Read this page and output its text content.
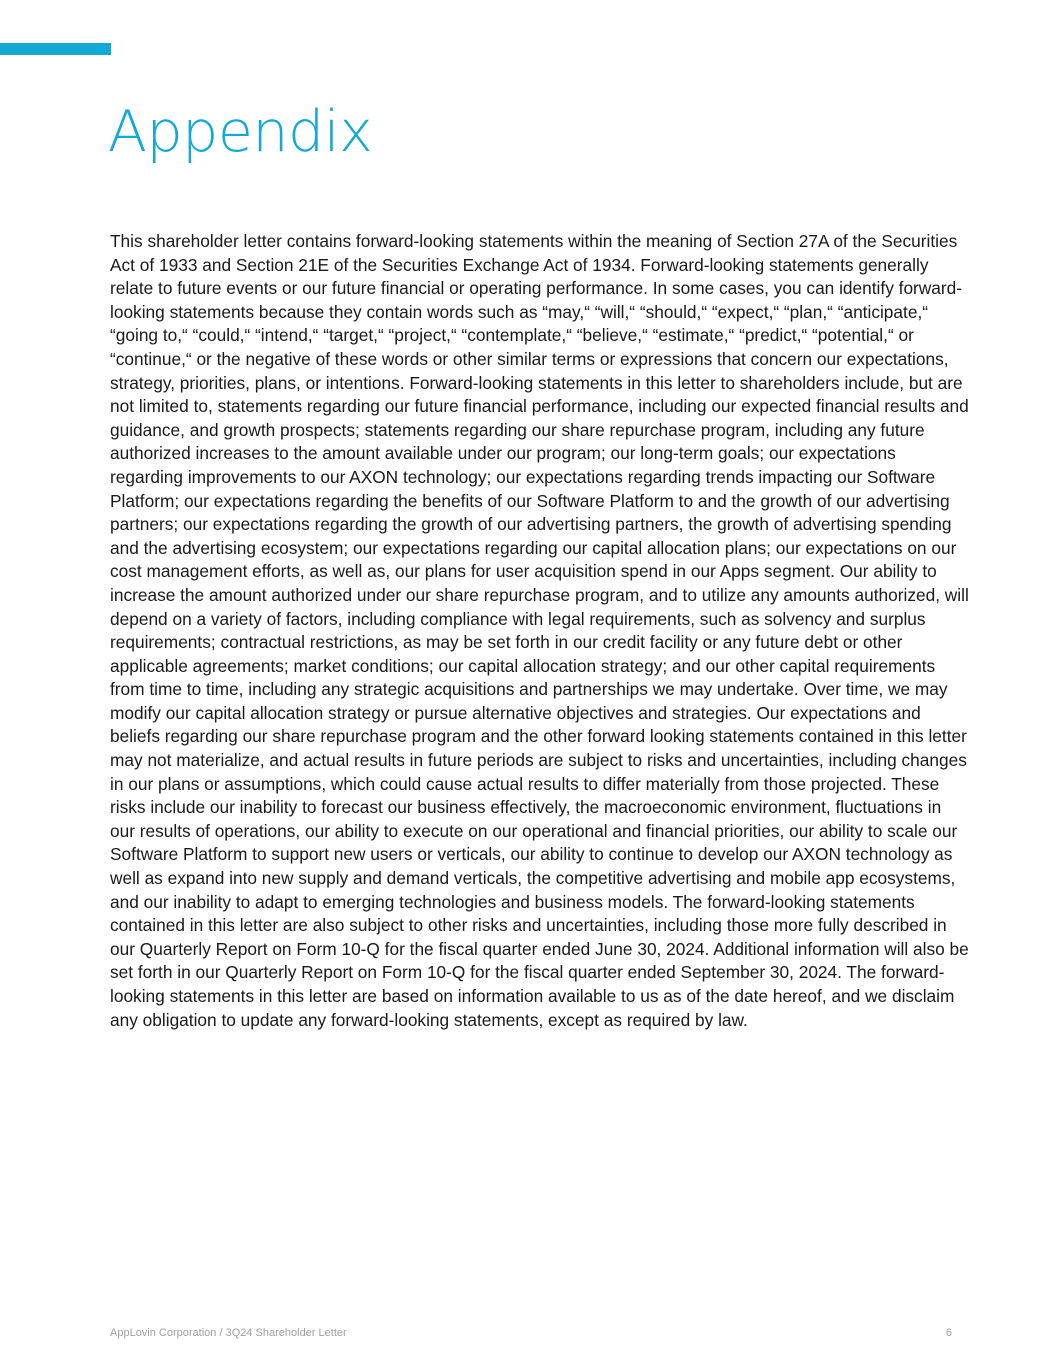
Appendix

This shareholder letter contains forward-looking statements within the meaning of Section 27A of the Securities Act of 1933 and Section 21E of the Securities Exchange Act of 1934. Forward-looking statements generally relate to future events or our future financial or operating performance. In some cases, you can identify forward-looking statements because they contain words such as “may,“ “will,“ “should,“ “expect,“ “plan,“ “anticipate,“ “going to,“ “could,“ “intend,“ “target,“ “project,“ “contemplate,“ “believe,“ “estimate,“ “predict,“ “potential,“ or “continue,“ or the negative of these words or other similar terms or expressions that concern our expectations, strategy, priorities, plans, or intentions. Forward-looking statements in this letter to shareholders include, but are not limited to, statements regarding our future financial performance, including our expected financial results and guidance, and growth prospects; statements regarding our share repurchase program, including any future authorized increases to the amount available under our program; our long-term goals; our expectations regarding improvements to our AXON technology; our expectations regarding trends impacting our Software Platform; our expectations regarding the benefits of our Software Platform to and the growth of our advertising partners; our expectations regarding the growth of our advertising partners, the growth of advertising spending and the advertising ecosystem; our expectations regarding our capital allocation plans; our expectations on our cost management efforts, as well as, our plans for user acquisition spend in our Apps segment. Our ability to increase the amount authorized under our share repurchase program, and to utilize any amounts authorized, will depend on a variety of factors, including compliance with legal requirements, such as solvency and surplus requirements; contractual restrictions, as may be set forth in our credit facility or any future debt or other applicable agreements; market conditions; our capital allocation strategy; and our other capital requirements from time to time, including any strategic acquisitions and partnerships we may undertake. Over time, we may modify our capital allocation strategy or pursue alternative objectives and strategies. Our expectations and beliefs regarding our share repurchase program and the other forward looking statements contained in this letter may not materialize, and actual results in future periods are subject to risks and uncertainties, including changes in our plans or assumptions, which could cause actual results to differ materially from those projected. These risks include our inability to forecast our business effectively, the macroeconomic environment, fluctuations in our results of operations, our ability to execute on our operational and financial priorities, our ability to scale our Software Platform to support new users or verticals, our ability to continue to develop our AXON technology as well as expand into new supply and demand verticals, the competitive advertising and mobile app ecosystems, and our inability to adapt to emerging technologies and business models. The forward-looking statements contained in this letter are also subject to other risks and uncertainties, including those more fully described in our Quarterly Report on Form 10-Q for the fiscal quarter ended June 30, 2024. Additional information will also be set forth in our Quarterly Report on Form 10-Q for the fiscal quarter ended September 30, 2024. The forward-looking statements in this letter are based on information available to us as of the date hereof, and we disclaim any obligation to update any forward-looking statements, except as required by law.

AppLovin Corporation / 3Q24 Shareholder Letter	6
